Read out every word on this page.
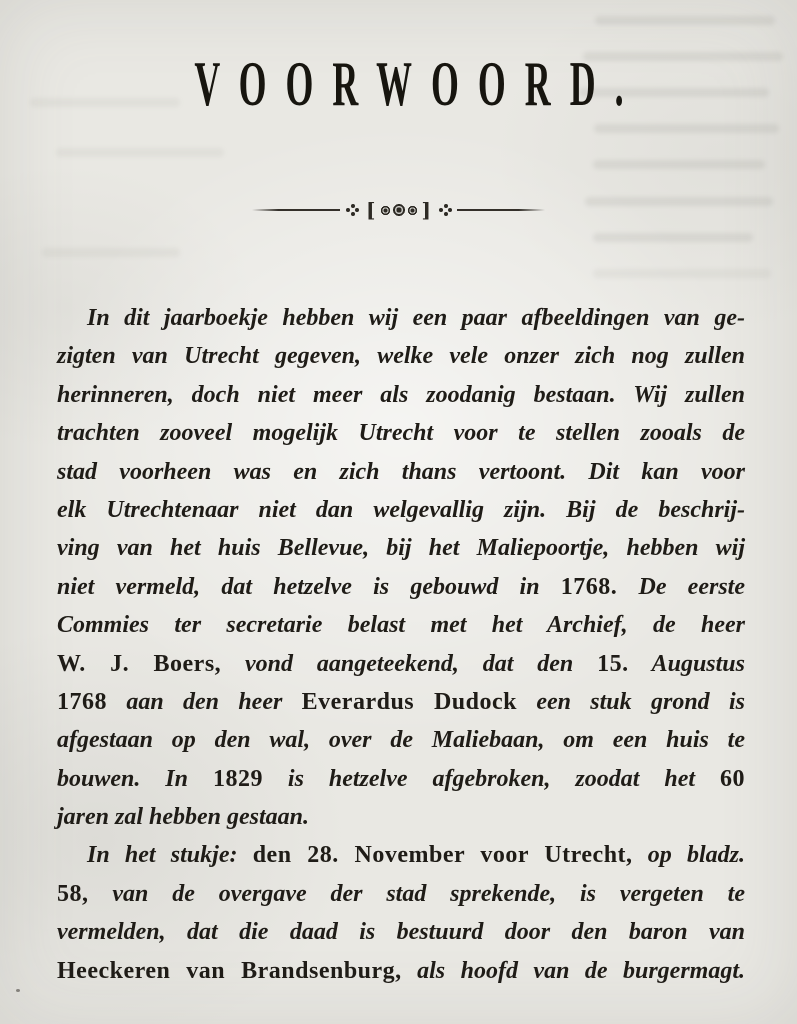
VOORWOORD.
[ ]
In dit jaarboekje hebben wij een paar afbeeldingen van ge-
zigten van Utrecht gegeven, welke vele onzer zich nog zullen
herinneren, doch niet meer als zoodanig bestaan. Wij zullen
trachten zooveel mogelijk Utrecht voor te stellen zooals de
stad voorheen was en zich thans vertoont. Dit kan voor
elk Utrechtenaar niet dan welgevallig zijn. Bij de beschrij-
ving van het huis Bellevue, bij het Maliepoortje, hebben wij
niet vermeld, dat hetzelve is gebouwd in 1768. De eerste
Commies ter secretarie belast met het Archief, de heer
W. J. Boers, vond aangeteekend, dat den 15. Augustus
1768 aan den heer Everardus Dudock een stuk grond is
afgestaan op den wal, over de Maliebaan, om een huis te
bouwen. In 1829 is hetzelve afgebroken, zoodat het 60
jaren zal hebben gestaan.
In het stukje: den 28. November voor Utrecht, op bladz.
58, van de overgave der stad sprekende, is vergeten te
vermelden, dat die daad is bestuurd door den baron van
Heeckeren van Brandsenburg, als hoofd van de burgermagt.
